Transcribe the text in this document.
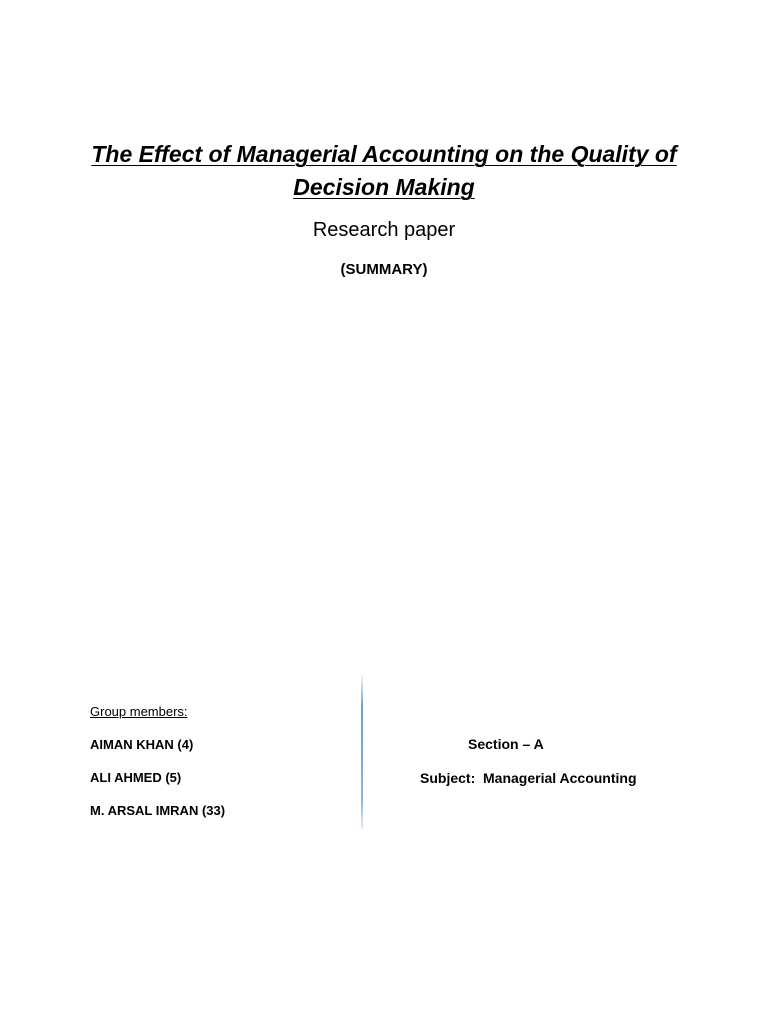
The Effect of Managerial Accounting on the Quality of Decision Making
Research paper
(SUMMARY)
Group members:
AIMAN KHAN (4)
ALI AHMED (5)
M. ARSAL IMRAN (33)
Section – A
Subject:  Managerial Accounting
